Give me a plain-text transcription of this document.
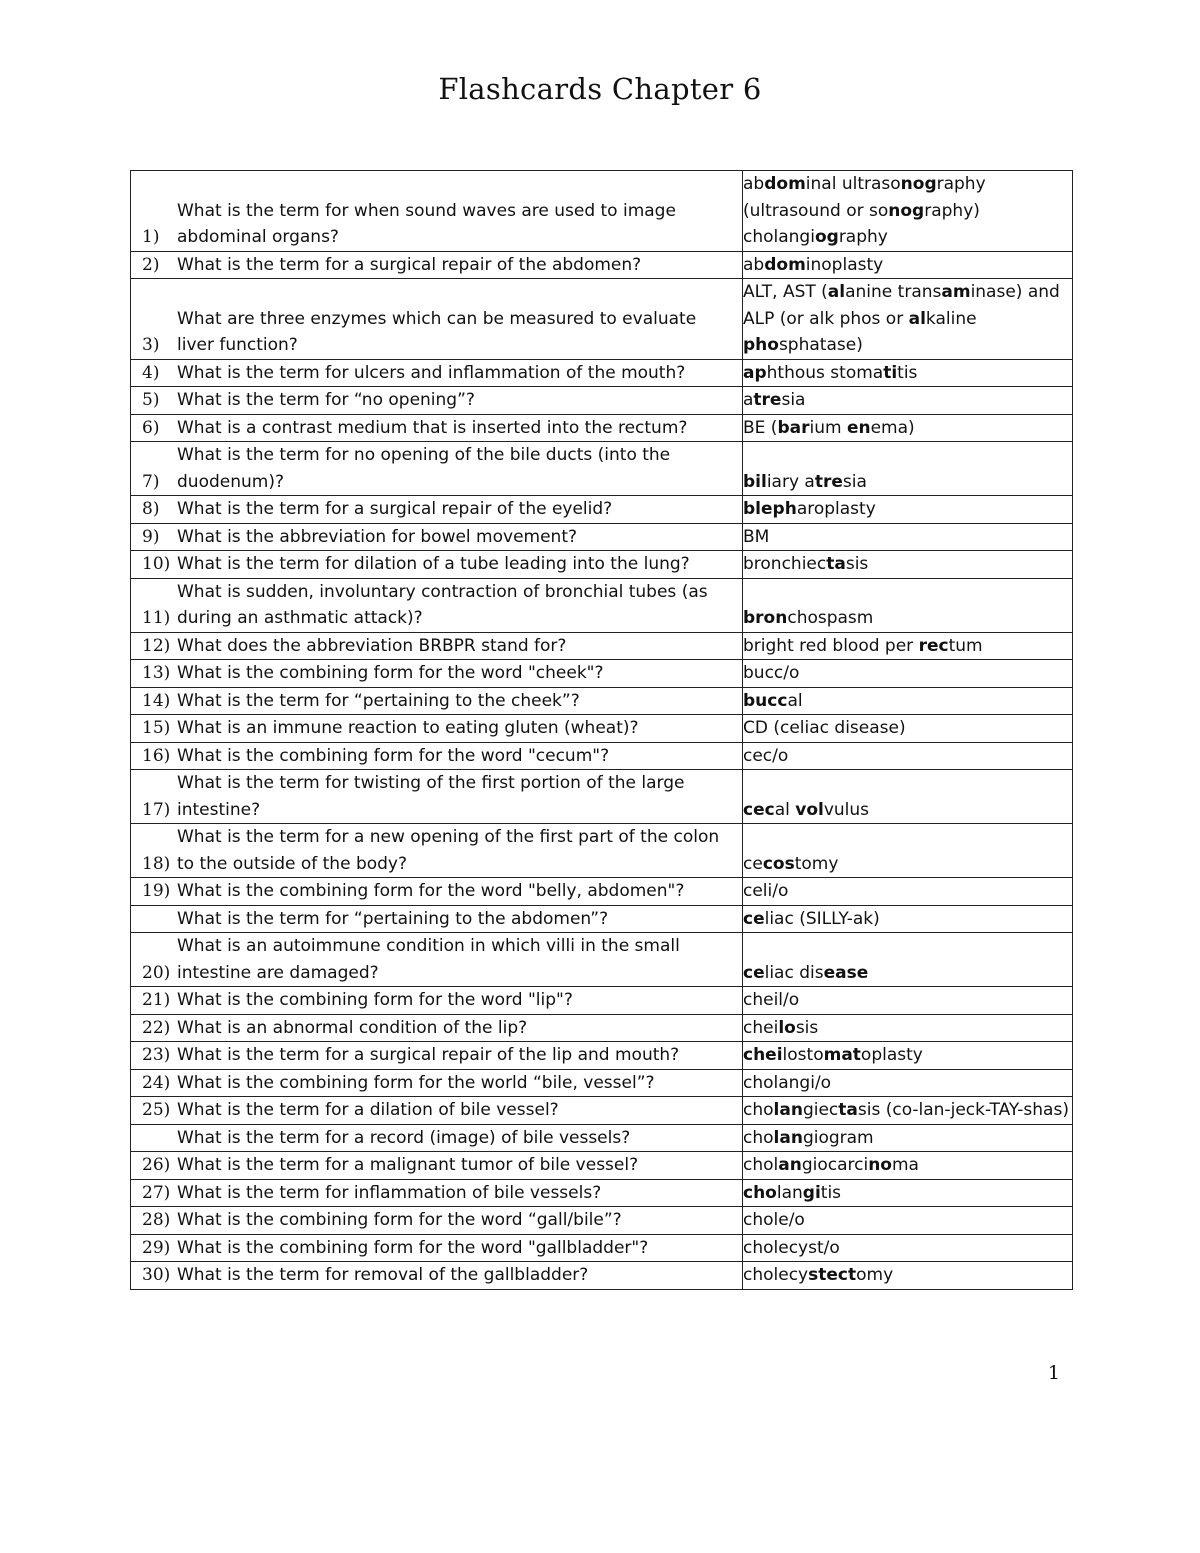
Flashcards Chapter 6
1)
What is the term for when sound waves are used to image abdominal organs?	abdominal ultrasonography (ultrasound or sonography) cholangiography

2) What is the term for a surgical repair of the abdomen?	abdominoplasty

3)
What are three enzymes which can be measured to evaluate liver function?	ALT, AST (alanine transaminase) and ALP (or alk phos or alkaline phosphatase)

4) What is the term for ulcers and inflammation of the mouth?	aphthous stomatitis

5) What is the term for “no opening”?	atresia

6) What is a contrast medium that is inserted into the rectum?	BE (barium enema)

7)
What is the term for no opening of the bile ducts (into the duodenum)?	biliary atresia

8) What is the term for a surgical repair of the eyelid?	blepharoplasty

9) What is the abbreviation for bowel movement?	BM

10) What is the term for dilation of a tube leading into the lung?	bronchiectasis

11)
What is sudden, involuntary contraction of bronchial tubes (as during an asthmatic attack)?	bronchospasm

12) What does the abbreviation BRBPR stand for?	bright red blood per rectum

13) What is the combining form for the word "cheek"?	bucc/o

14) What is the term for “pertaining to the cheek”?	buccal

15) What is an immune reaction to eating gluten (wheat)?	CD (celiac disease)

16) What is the combining form for the word "cecum"?	cec/o

17)
What is the term for twisting of the first portion of the large intestine?	cecal volvulus

18)
What is the term for a new opening of the first part of the colon to the outside of the body?	cecostomy

19) What is the combining form for the word "belly, abdomen"?	celi/o

What is the term for “pertaining to the abdomen”?	celiac (SILLY-ak)

20)
What is an autoimmune condition in which villi in the small intestine are damaged?	celiac disease

21) What is the combining form for the word "lip"?	cheil/o

22) What is an abnormal condition of the lip?	cheilosis

23) What is the term for a surgical repair of the lip and mouth?	cheilostomatoplasty

24) What is the combining form for the world “bile, vessel”?	cholangi/o

25) What is the term for a dilation of bile vessel?	cholangiectasis (co-lan-jeck-TAY-shas)

What is the term for a record (image) of bile vessels?	cholangiogram

26) What is the term for a malignant tumor of bile vessel?	cholangiocarcinoma

27) What is the term for inflammation of bile vessels?	cholangitis

28) What is the combining form for the word “gall/bile”?	chole/o

29) What is the combining form for the word "gallbladder"?	cholecyst/o

30) What is the term for removal of the gallbladder?	cholecystectomy
1
